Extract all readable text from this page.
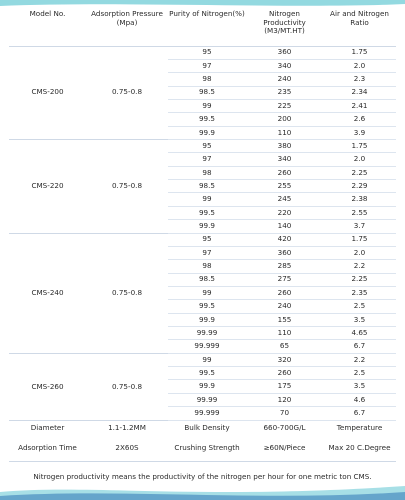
Model No.	Adsorption Pressure (Mpa)	Purity of Nitrogen(%)	Nitrogen Productivity (M3/MT.HT)	Air and Nitrogen Ratio
CMS-200	0.75-0.8	95	360	1.75
		97	340	2.0
		98	240	2.3
		98.5	235	2.34
		99	225	2.41
		99.5	200	2.6
		99.9	110	3.9
CMS-220	0.75-0.8	95	380	1.75
		97	340	2.0
		98	260	2.25
		98.5	255	2.29
		99	245	2.38
		99.5	220	2.55
		99.9	140	3.7
CMS-240	0.75-0.8	95	420	1.75
		97	360	2.0
		98	285	2.2
		98.5	275	2.25
		99	260	2.35
		99.5	240	2.5
		99.9	155	3.5
		99.99	110	4.65
		99.999	65	6.7
CMS-260	0.75-0.8	99	320	2.2
		99.5	260	2.5
		99.9	175	3.5
		99.99	120	4.6
		99.999	70	6.7
Diameter	1.1-1.2MM	Bulk Density	660-700G/L	Temperature
Adsorption Time	2X60S	Crushing Strength	≥60N/Piece	Max 20 C.Degree
Nitrogen productivity means the productivity of the nitrogen per hour for one metric ton CMS.				
